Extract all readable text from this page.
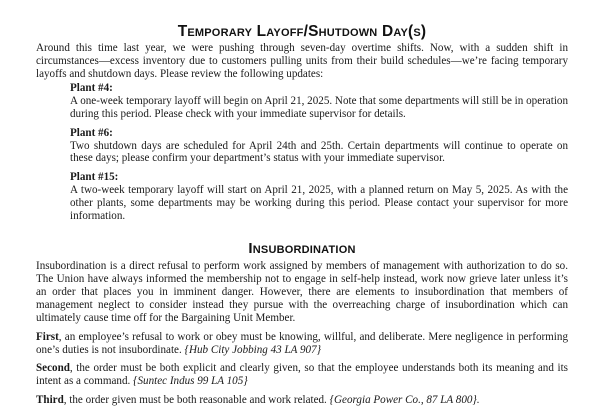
Temporary Layoff/Shutdown Day(s)

Around this time last year, we were pushing through seven-day overtime shifts. Now, with a sudden shift in circumstances—excess inventory due to customers pulling units from their build schedules—we’re facing temporary layoffs and shutdown days. Please review the following updates:

Plant #4:

A one-week temporary layoff will begin on April 21, 2025. Note that some departments will still be in operation during this period. Please check with your immediate supervisor for details.

Plant #6:

Two shutdown days are scheduled for April 24th and 25th. Certain departments will continue to operate on these days; please confirm your department’s status with your immediate supervisor.

Plant #15:

A two-week temporary layoff will start on April 21, 2025, with a planned return on May 5, 2025. As with the other plants, some departments may be working during this period. Please contact your supervisor for more information.

Insubordination

Insubordination is a direct refusal to perform work assigned by members of management with authorization to do so. The Union have always informed the membership not to engage in self-help instead, work now grieve later unless it’s an order that places you in imminent danger. However, there are elements to insubordination that members of management neglect to consider instead they pursue with the overreaching charge of insubordination which can ultimately cause time off for the Bargaining Unit Member.

First, an employee’s refusal to work or obey must be knowing, willful, and deliberate. Mere negligence in performing one’s duties is not insubordinate. {Hub City Jobbing 43 LA 907}

Second, the order must be both explicit and clearly given, so that the employee understands both its meaning and its intent as a command. {Suntec Indus 99 LA 105}

Third, the order given must be both reasonable and work related. {Georgia Power Co., 87 LA 800}.
